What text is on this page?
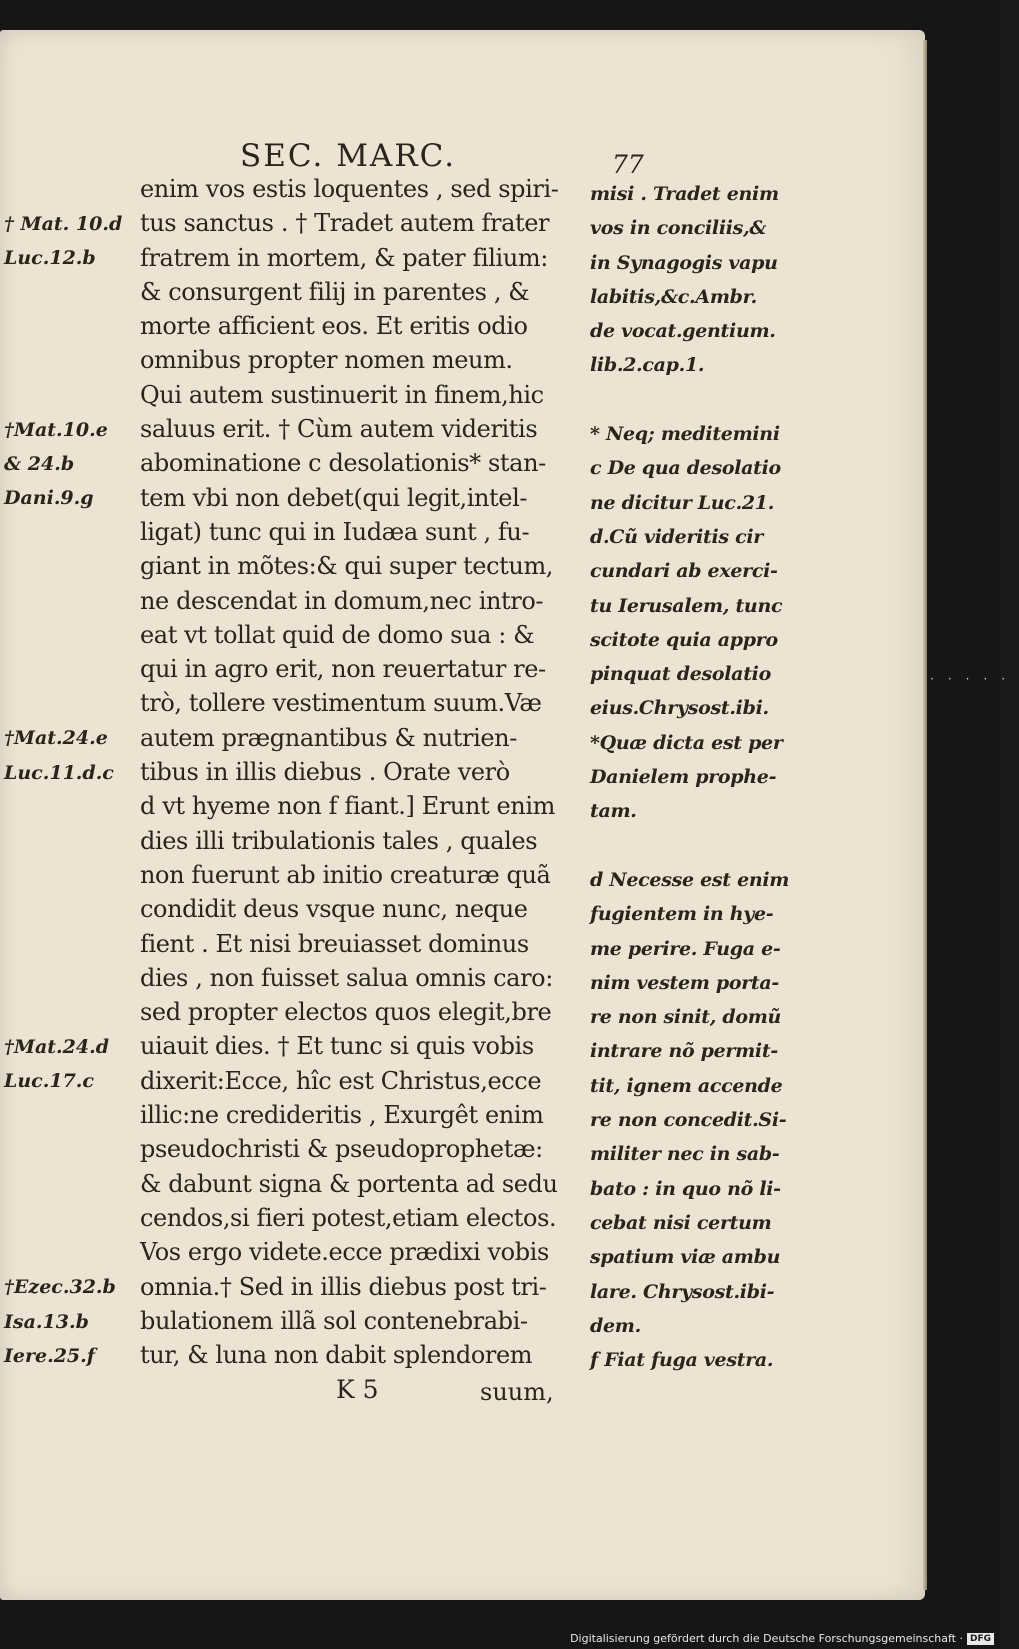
SEC. MARC.	77
† Mat. 10.d
Luc.12.b
†Mat.10.e
& 24.b
Dani.9.g
†Mat.24.e
Luc.11.d.c
†Mat.24.d
Luc.17.c
†Ezec.32.b
Isa.13.b
Iere.25.f
enim vos estis loquentes , sed spiri-
tus sanctus . † Tradet autem frater
fratrem in mortem, & pater filium:
& consurgent filij in parentes , &
morte afficient eos. Et eritis odio
omnibus propter nomen meum.
Qui autem sustinuerit in finem,hic
saluus erit. † Cùm autem videritis
abominatione c desolationis* stan-
tem vbi non debet(qui legit,intel-
ligat) tunc qui in Iudæa sunt , fu-
giant in mõtes:& qui super tectum,
ne descendat in domum,nec intro-
eat vt tollat quid de domo sua : &
qui in agro erit, non reuertatur re-
trò, tollere vestimentum suum.Væ
autem prægnantibus & nutrien-
tibus in illis diebus . Orate verò
d vt hyeme non f fiant.] Erunt enim
dies illi tribulationis tales , quales
non fuerunt ab initio creaturæ quã
condidit deus vsque nunc, neque
fient . Et nisi breuiasset dominus
dies , non fuisset salua omnis caro:
sed propter electos quos elegit,bre
uiauit dies. † Et tunc si quis vobis
dixerit:Ecce, hîc est Christus,ecce
illic:ne credideritis , Exurgêt enim
pseudochristi & pseudoprophetæ:
& dabunt signa & portenta ad sedu
cendos,si fieri potest,etiam electos.
Vos ergo videte.ecce prædixi vobis
omnia.† Sed in illis diebus post tri-
bulationem illã sol contenebrabi-
tur, & luna non dabit splendorem
misi . Tradet enim
vos in conciliis,&
in Synagogis vapu
labitis,&c.Ambr.
de vocat.gentium.
lib.2.cap.1.
* Neq; meditemini
c De qua desolatio
ne dicitur Luc.21.
d.Cũ videritis cir
cundari ab exerci-
tu Ierusalem, tunc
scitote quia appro
pinquat desolatio
eius.Chrysost.ibi.
*Quæ dicta est per
Danielem prophe-
tam.
d Necesse est enim
fugientem in hye-
me perire. Fuga e-
nim vestem porta-
re non sinit, domũ
intrare nõ permit-
tit, ignem accende
re non concedit.Si-
militer nec in sab-
bato : in quo nõ li-
cebat nisi certum
spatium viæ ambu
lare. Chrysost.ibi-
dem.
f Fiat fuga vestra.
K 5	suum,
·····
Digitalisierung gefördert durch die Deutsche Forschungsgemeinschaft · DFG
